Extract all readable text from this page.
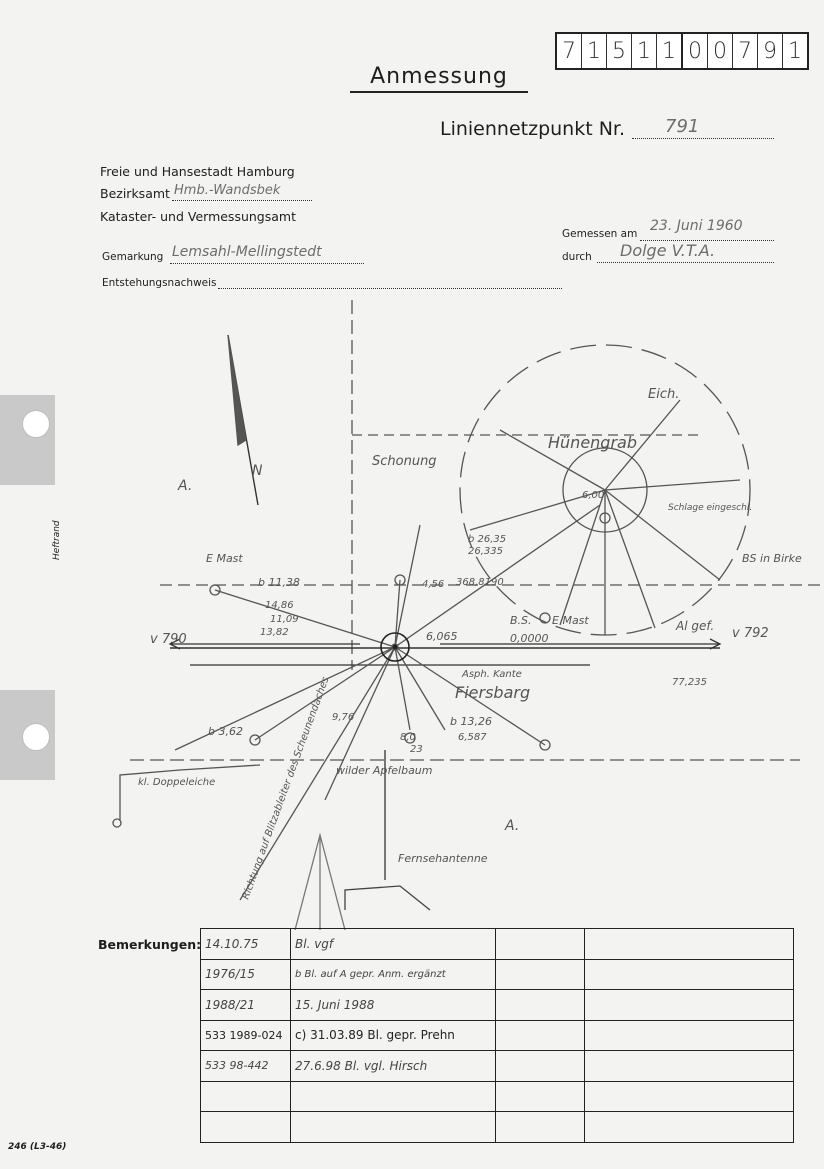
7 1 5 1 1 0 0 7 9 1
Anmessung
Liniennetzpunkt Nr. 791
Freie und Hansestadt Hamburg
Bezirksamt Hmb.-Wandsbek
Kataster- und Vermessungsamt
Gemessen am 23. Juni 1960
Gemarkung Lemsahl-Mellingstedt	durch Dolge V.T.A.
Entstehungsnachweis
Heftrand
N
A.
A.
Schonung
Hünengrab
Eich.
E Mast
E Mast
B.S.
v 790	v 792
Al gef.
Asph. Kante
Fiersbarg
kl. Doppeleiche
wilder Apfelbaum
Fernsehantenne
BS in Birke
Schlage eingeschl.
Richtung auf Blitzableiter des Scheunendaches
b 11,38
14,86
11,09
13,82
b 3,62
9,76
8,0
23
b 13,26
6,587
4,56
b 26,35
26,335
368,8190
6,065	0,0000
77,235
6,00
Bemerkungen: 14.10.75	Bl. vgf		
1976/15	b Bl. auf A gepr. Anm. ergänzt		
1988/21	15. Juni 1988		
533 1989-024	c) 31.03.89 Bl. gepr. Prehn		
533 98-442	27.6.98 Bl. vgl. Hirsch		

246 (L3-46)
